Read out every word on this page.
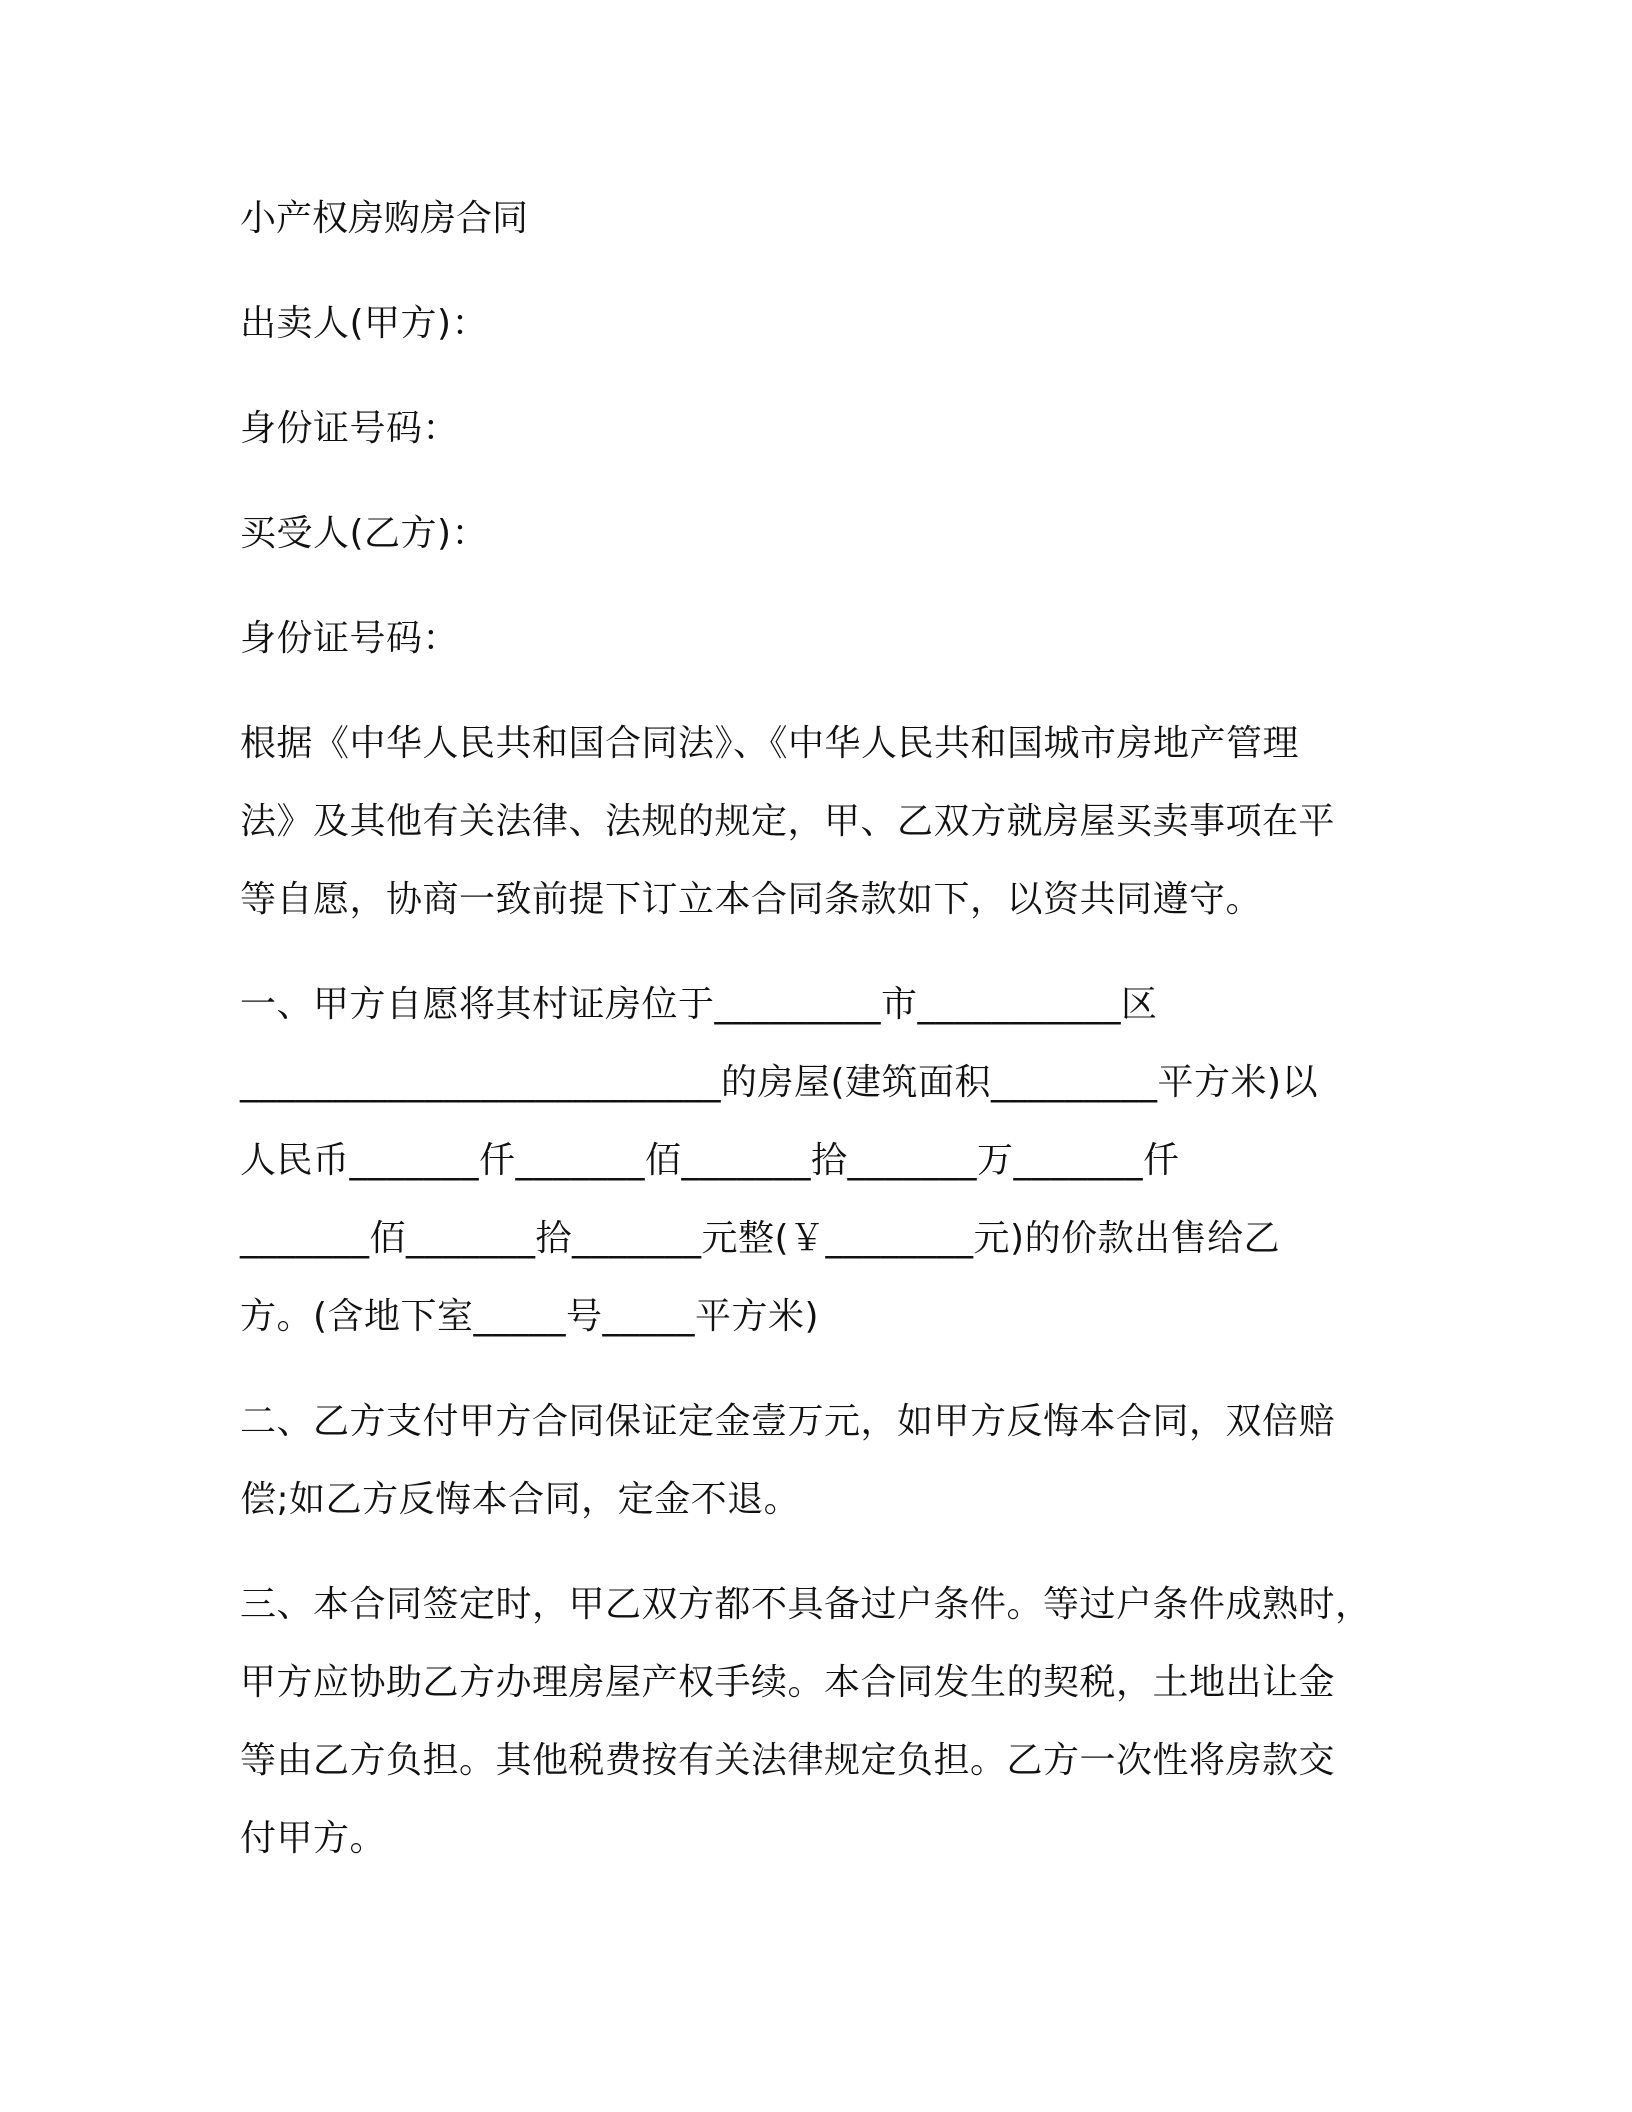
小产权房购房合同
出卖人(甲方)：
身份证号码：
买受人(乙方)：
身份证号码：
根据《中华人民共和国合同法》、《中华人民共和国城市房地产管理
法》及其他有关法律、法规的规定，甲、乙双方就房屋买卖事项在平
等自愿，协商一致前提下订立本合同条款如下，以资共同遵守。
一、甲方自愿将其村证房位于_________市___________区
__________________________的房屋(建筑面积_________平方米)以
人民币_______仟_______佰_______拾_______万_______仟
_______佰_______拾_______元整(￥________元)的价款出售给乙
方。(含地下室_____号_____平方米)
二、乙方支付甲方合同保证定金壹万元，如甲方反悔本合同，双倍赔
偿;如乙方反悔本合同，定金不退。
三、本合同签定时，甲乙双方都不具备过户条件。等过户条件成熟时，
甲方应协助乙方办理房屋产权手续。本合同发生的契税，土地出让金
等由乙方负担。其他税费按有关法律规定负担。乙方一次性将房款交
付甲方。
